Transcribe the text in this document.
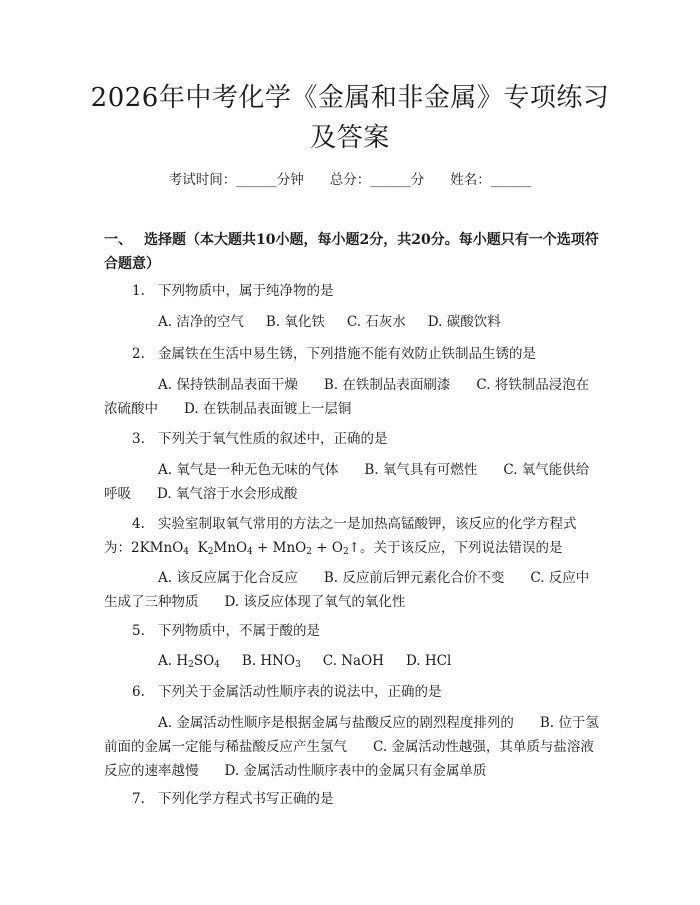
2026年中考化学《金属和非金属》专项练习及答案
考试时间：______分钟 总分：______分 姓名：______
一、 选择题（本大题共10小题，每小题2分，共20分。每小题只有一个选项符合题意）
1. 下列物质中，属于纯净物的是
A. 洁净的空气 B. 氧化铁 C. 石灰水 D. 碳酸饮料
2. 金属铁在生活中易生锈，下列措施不能有效防止铁制品生锈的是
A. 保持铁制品表面干燥 B. 在铁制品表面刷漆 C. 将铁制品浸泡在浓硫酸中 D. 在铁制品表面镀上一层铜
3. 下列关于氧气性质的叙述中，正确的是
A. 氧气是一种无色无味的气体 B. 氧气具有可燃性 C. 氧气能供给呼吸 D. 氧气溶于水会形成酸
4. 实验室制取氧气常用的方法之一是加热高锰酸钾，该反应的化学方程式为：2KMnO$_4$ $K_2MnO_4 + MnO_2$ + $O_2↑$。关于该反应，下列说法错误的是
A. 该反应属于化合反应 B. 反应前后钾元素化合价不变 C. 反应中生成了三种物质 D. 该反应体现了氧气的氧化性
5. 下列物质中，不属于酸的是
A. $H_2SO_4$ B. $HNO_3$ C. NaOH D. HCl
6. 下列关于金属活动性顺序表的说法中，正确的是
A. 金属活动性顺序是根据金属与盐酸反应的剧烈程度排列的 B. 位于氢前面的金属一定能与稀盐酸反应产生氢气 C. 金属活动性越强，其单质与盐溶液反应的速率越慢 D. 金属活动性顺序表中的金属只有金属单质
7. 下列化学方程式书写正确的是
